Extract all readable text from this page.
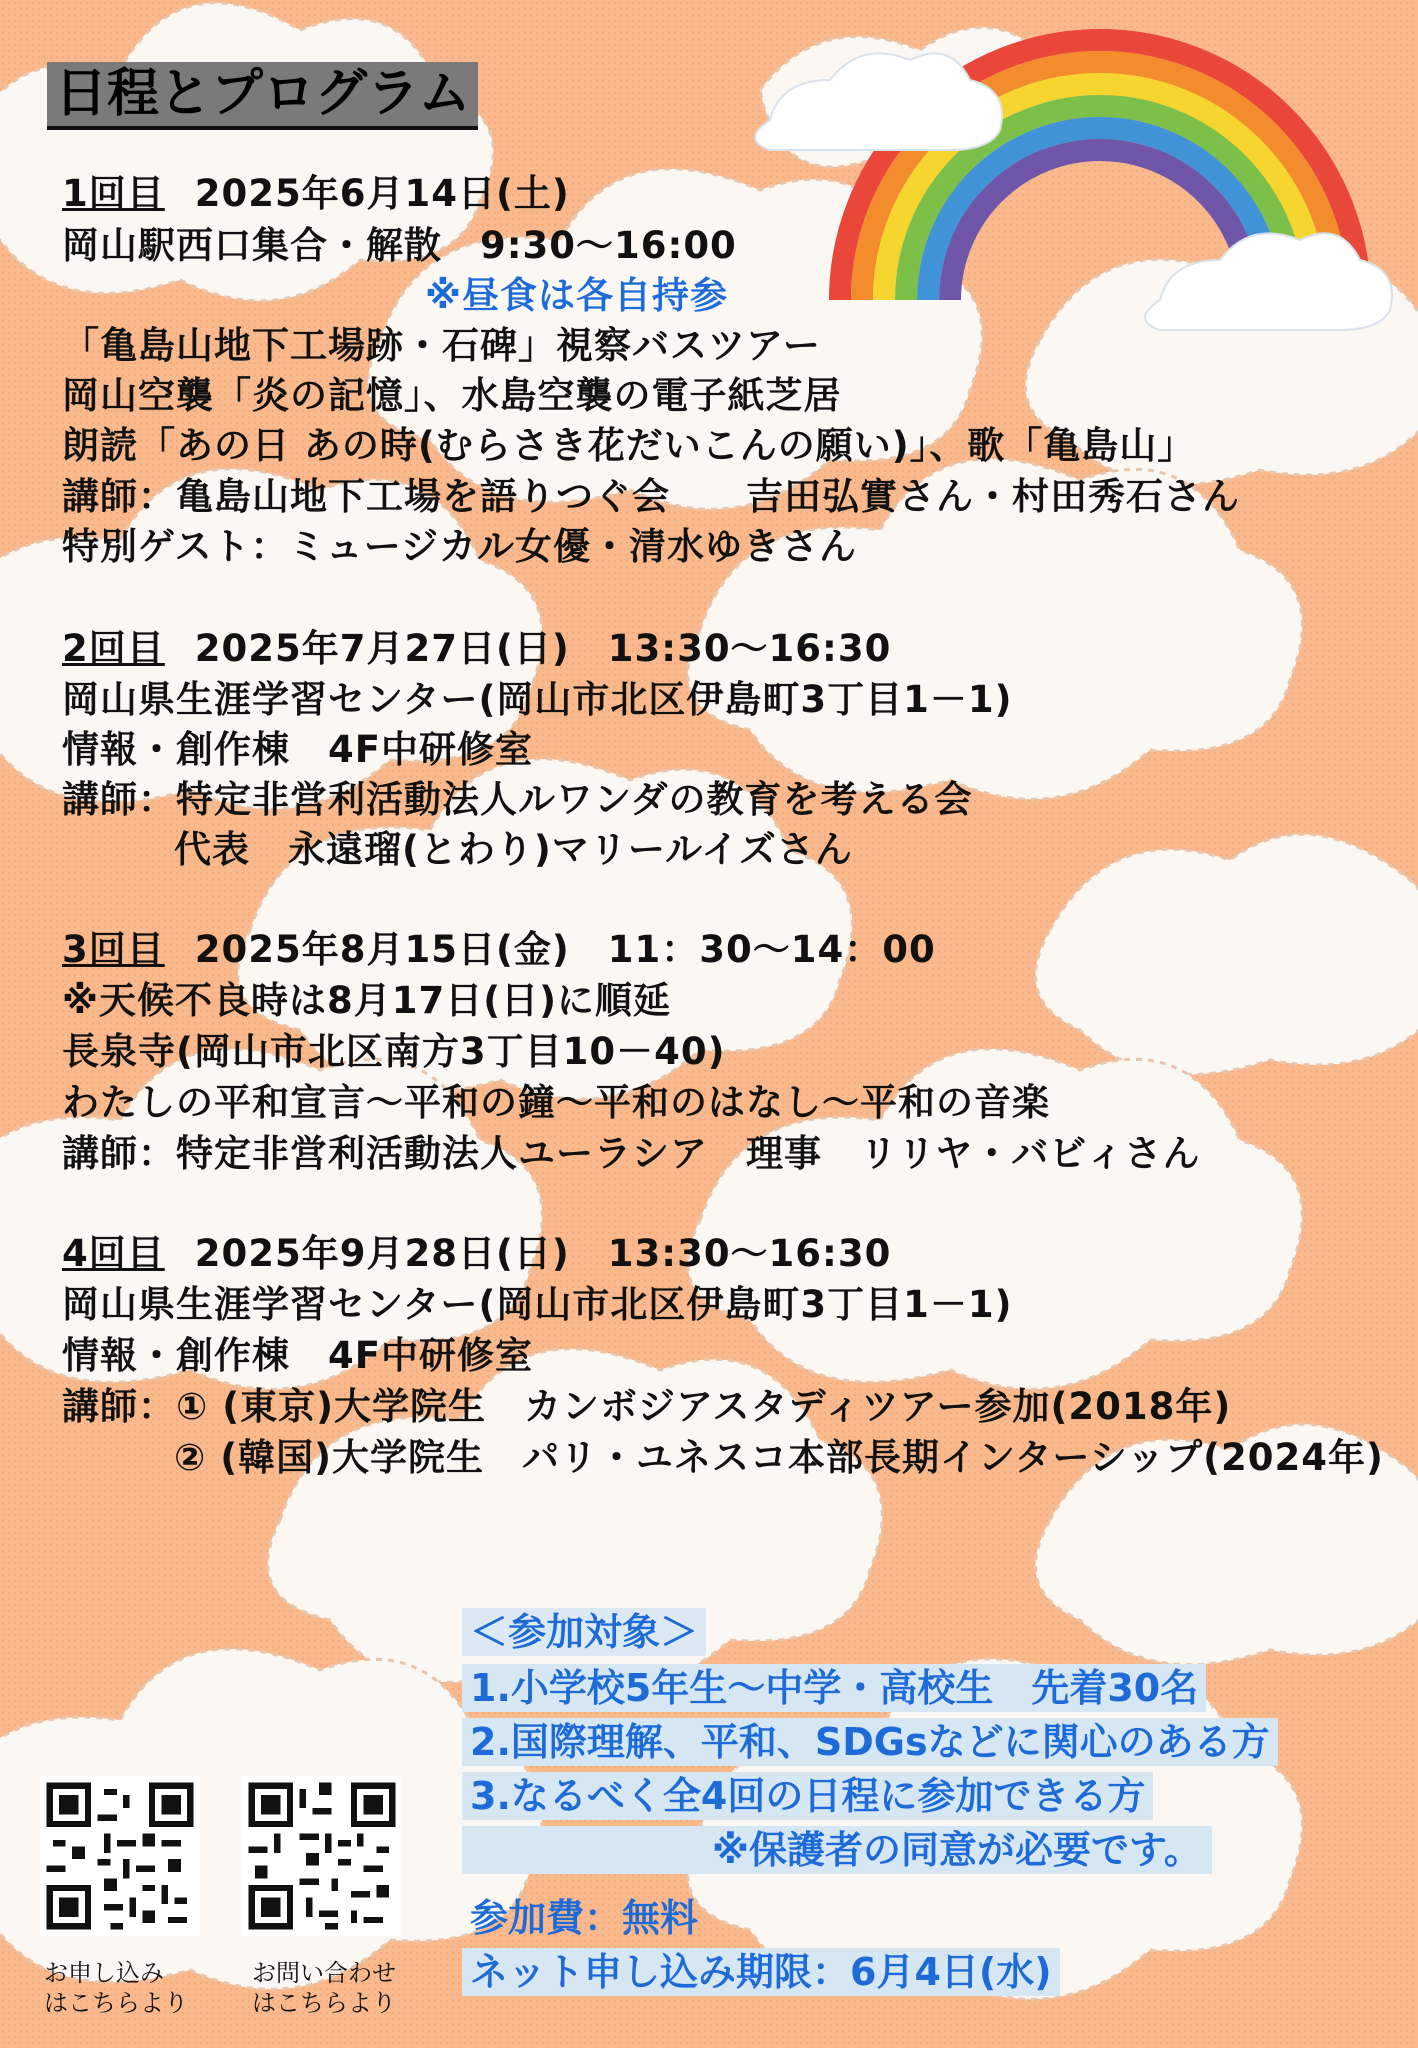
日程とプログラム
1回目 2025年6月14日(土)
岡山駅西口集合・解散　9:30～16:00
※昼食は各自持参
「亀島山地下工場跡・石碑」視察バスツアー
岡山空襲「炎の記憶」、水島空襲の電子紙芝居
朗読「あの日 あの時(むらさき花だいこんの願い)」、歌「亀島山」
講師：亀島山地下工場を語りつぐ会　　吉田弘實さん・村田秀石さん
特別ゲスト：ミュージカル女優・清水ゆきさん
2回目 2025年7月27日(日)　13:30～16:30
岡山県生涯学習センター(岡山市北区伊島町3丁目1－1)
情報・創作棟　4F中研修室
講師：特定非営利活動法人ルワンダの教育を考える会
代表　永遠瑠(とわり)マリールイズさん
3回目 2025年8月15日(金)　11：30～14：00
※天候不良時は8月17日(日)に順延
長泉寺(岡山市北区南方3丁目10－40)
わたしの平和宣言～平和の鐘～平和のはなし～平和の音楽
講師：特定非営利活動法人ユーラシア　理事　リリヤ・バビィさん
4回目 2025年9月28日(日)　13:30～16:30
岡山県生涯学習センター(岡山市北区伊島町3丁目1－1)
情報・創作棟　4F中研修室
講師：① (東京)大学院生　カンボジアスタディツアー参加(2018年)
② (韓国)大学院生　パリ・ユネスコ本部長期インターシップ(2024年)
＜参加対象＞
1.小学校5年生～中学・高校生　先着30名
2.国際理解、平和、SDGsなどに関心のある方
3.なるべく全4回の日程に参加できる方
※保護者の同意が必要です。
参加費：無料
ネット申し込み期限：6月4日(水)
お申し込み
はこちらより
お問い合わせ
はこちらより
